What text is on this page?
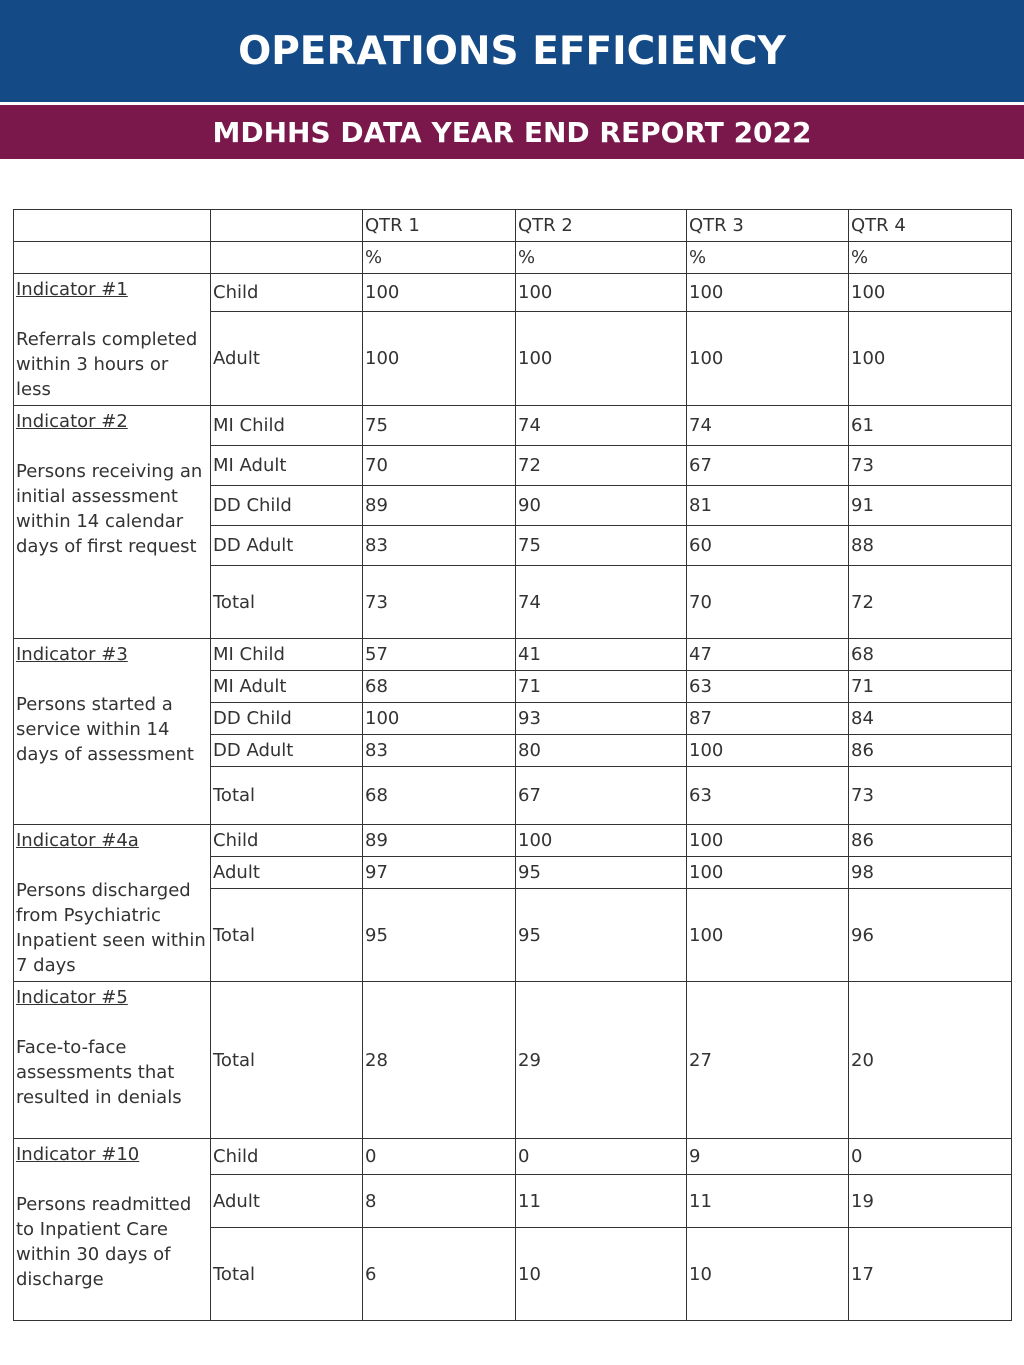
OPERATIONS EFFICIENCY
MDHHS DATA YEAR END REPORT 2022
		QTR 1	QTR 2	QTR 3	QTR 4
		%	%	%	%

Indicator #1
Referrals completed within 3 hours or less	Child	100	100	100	100
	Adult	100	100	100	100

Indicator #2
Persons receiving an initial assessment within 14 calendar days of first request	MI Child	75	74	74	61
	MI Adult	70	72	67	73
	DD Child	89	90	81	91
	DD Adult	83	75	60	88
	Total	73	74	70	72

Indicator #3
Persons started a service within 14 days of assessment	MI Child	57	41	47	68
	MI Adult	68	71	63	71
	DD Child	100	93	87	84
	DD Adult	83	80	100	86
	Total	68	67	63	73

Indicator #4a
Persons discharged from Psychiatric Inpatient seen within 7 days	Child	89	100	100	86
	Adult	97	95	100	98
	Total	95	95	100	96

Indicator #5
Face-to-face assessments that resulted in denials	Total	28	29	27	20

Indicator #10
Persons readmitted to Inpatient Care within 30 days of discharge	Child	0	0	9	0
	Adult	8	11	11	19
	Total	6	10	10	17
